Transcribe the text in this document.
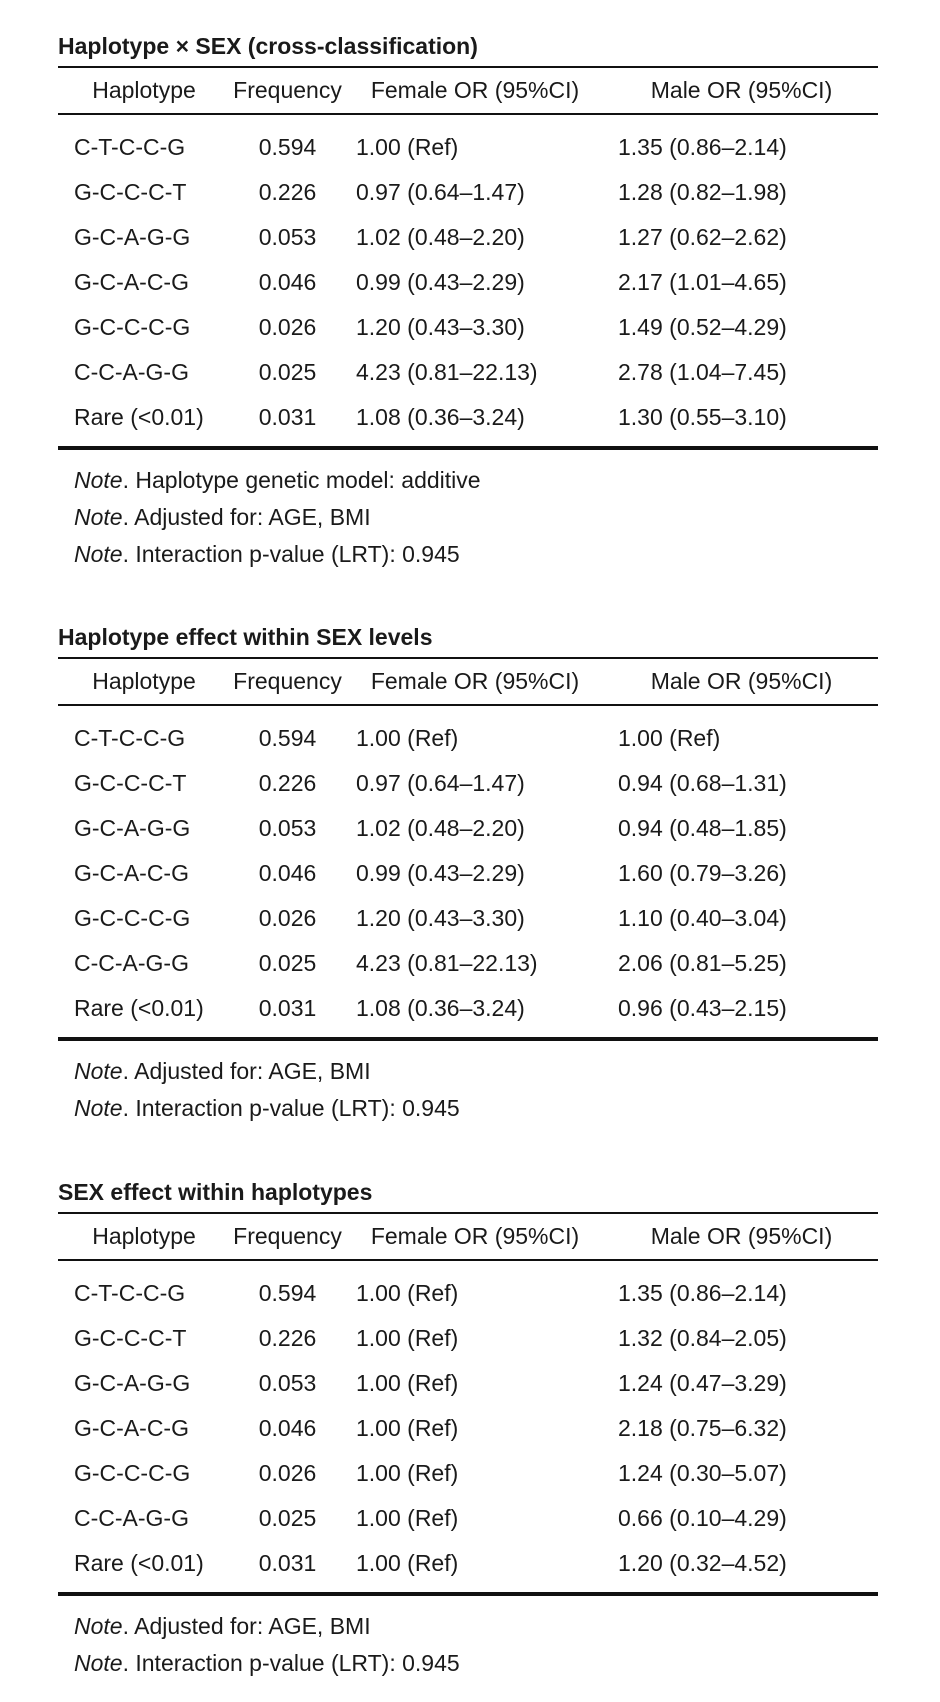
Haplotype × SEX (cross-classification)
Haplotype	Frequency	Female OR (95%CI)	Male OR (95%CI)

C-T-C-C-G	0.594	1.00 (Ref)	1.35 (0.86–2.14)
G-C-C-C-T	0.226	0.97 (0.64–1.47)	1.28 (0.82–1.98)
G-C-A-G-G	0.053	1.02 (0.48–2.20)	1.27 (0.62–2.62)
G-C-A-C-G	0.046	0.99 (0.43–2.29)	2.17 (1.01–4.65)
G-C-C-C-G	0.026	1.20 (0.43–3.30)	1.49 (0.52–4.29)
C-C-A-G-G	0.025	4.23 (0.81–22.13)	2.78 (1.04–7.45)
Rare (<0.01)	0.031	1.08 (0.36–3.24)	1.30 (0.55–3.10)

Note. Haplotype genetic model: additive
Note. Adjusted for: AGE, BMI
Note. Interaction p-value (LRT): 0.945
Haplotype effect within SEX levels
Haplotype	Frequency	Female OR (95%CI)	Male OR (95%CI)

C-T-C-C-G	0.594	1.00 (Ref)	1.00 (Ref)
G-C-C-C-T	0.226	0.97 (0.64–1.47)	0.94 (0.68–1.31)
G-C-A-G-G	0.053	1.02 (0.48–2.20)	0.94 (0.48–1.85)
G-C-A-C-G	0.046	0.99 (0.43–2.29)	1.60 (0.79–3.26)
G-C-C-C-G	0.026	1.20 (0.43–3.30)	1.10 (0.40–3.04)
C-C-A-G-G	0.025	4.23 (0.81–22.13)	2.06 (0.81–5.25)
Rare (<0.01)	0.031	1.08 (0.36–3.24)	0.96 (0.43–2.15)

Note. Adjusted for: AGE, BMI
Note. Interaction p-value (LRT): 0.945
SEX effect within haplotypes
Haplotype	Frequency	Female OR (95%CI)	Male OR (95%CI)

C-T-C-C-G	0.594	1.00 (Ref)	1.35 (0.86–2.14)
G-C-C-C-T	0.226	1.00 (Ref)	1.32 (0.84–2.05)
G-C-A-G-G	0.053	1.00 (Ref)	1.24 (0.47–3.29)
G-C-A-C-G	0.046	1.00 (Ref)	2.18 (0.75–6.32)
G-C-C-C-G	0.026	1.00 (Ref)	1.24 (0.30–5.07)
C-C-A-G-G	0.025	1.00 (Ref)	0.66 (0.10–4.29)
Rare (<0.01)	0.031	1.00 (Ref)	1.20 (0.32–4.52)

Note. Adjusted for: AGE, BMI
Note. Interaction p-value (LRT): 0.945
